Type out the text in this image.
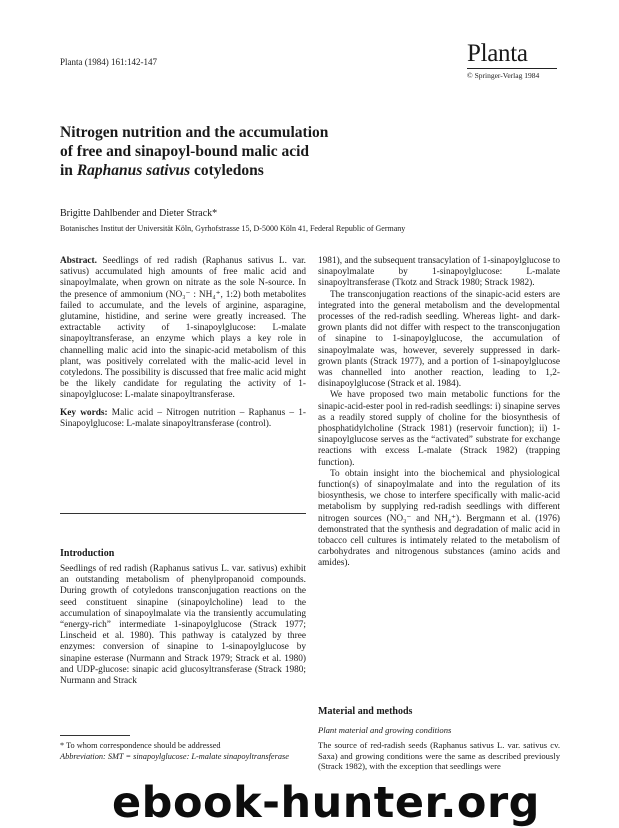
Planta (1984) 161:142-147	Planta
© Springer-Verlag 1984
Nitrogen nutrition and the accumulation
of free and sinapoyl-bound malic acid
in Raphanus sativus cotyledons
Brigitte Dahlbender and Dieter Strack*
Botanisches Institut der Universität Köln, Gyrhofstrasse 15, D-5000 Köln 41, Federal Republic of Germany

Abstract. Seedlings of red radish (Raphanus sativus L. var. sativus) accumulated high amounts of free malic acid and sinapoylmalate, when grown on nitrate as the sole N-source. In the presence of ammonium (NO₃⁻ : NH₄⁺, 1:2) both metabolites failed to accumulate, and the levels of arginine, asparagine, glutamine, histidine, and serine were greatly increased. The extractable activity of 1-sinapoylglucose: L-malate sinapoyltransferase, an enzyme which plays a key role in channelling malic acid into the sinapic-acid metabolism of this plant, was positively correlated with the malic-acid level in cotyledons. The possibility is discussed that free malic acid might be the likely candidate for regulating the activity of 1-sinapoylglucose: L-malate sinapoyltransferase.

Key words: Malic acid – Nitrogen nutrition – Raphanus – 1-Sinapoylglucose: L-malate sinapoyltransferase (control).

Introduction

Seedlings of red radish (Raphanus sativus L. var. sativus) exhibit an outstanding metabolism of phenylpropanoid compounds. During growth of cotyledons transconjugation reactions on the seed constituent sinapine (sinapoylcholine) lead to the accumulation of sinapoylmalate via the transiently accumulating “energy-rich” intermediate 1-sinapoylglucose (Strack 1977; Linscheid et al. 1980). This pathway is catalyzed by three enzymes: conversion of sinapine to 1-sinapoylglucose by sinapine esterase (Nurmann and Strack 1979; Strack et al. 1980) and UDP-glucose: sinapic acid glucosyltransferase (Strack 1980; Nurmann and Strack

* To whom correspondence should be addressed
Abbreviation: SMT = sinapoylglucose: L-malate sinapoyltransferase

1981), and the subsequent transacylation of 1-sinapoylglucose to sinapoylmalate by 1-sinapoylglucose: L-malate sinapoyltransferase (Tkotz and Strack 1980; Strack 1982).

The transconjugation reactions of the sinapic-acid esters are integrated into the general metabolism and the developmental processes of the red-radish seedling. Whereas light- and dark-grown plants did not differ with respect to the transconjugation of sinapine to 1-sinapoylglucose, the accumulation of sinapoylmalate was, however, severely suppressed in dark-grown plants (Strack 1977), and a portion of 1-sinapoylglucose was channelled into another reaction, leading to 1,2-disinapoylglucose (Strack et al. 1984).

We have proposed two main metabolic functions for the sinapic-acid-ester pool in red-radish seedlings: i) sinapine serves as a readily stored supply of choline for the biosynthesis of phosphatidylcholine (Strack 1981) (reservoir function); ii) 1-sinapoylglucose serves as the “activated” substrate for exchange reactions with excess L-malate (Strack 1982) (trapping function).

To obtain insight into the biochemical and physiological function(s) of sinapoylmalate and into the regulation of its biosynthesis, we chose to interfere specifically with malic-acid metabolism by supplying red-radish seedlings with different nitrogen sources (NO₃⁻ and NH₄⁺). Bergmann et al. (1976) demonstrated that the synthesis and degradation of malic acid in tobacco cell cultures is intimately related to the metabolism of carbohydrates and nitrogenous substances (amino acids and amides).

Material and methods
Plant material and growing conditions
The source of red-radish seeds (Raphanus sativus L. var. sativus cv. Saxa) and growing conditions were the same as described previously (Strack 1982), with the exception that seedlings were
ebook-hunter.org
